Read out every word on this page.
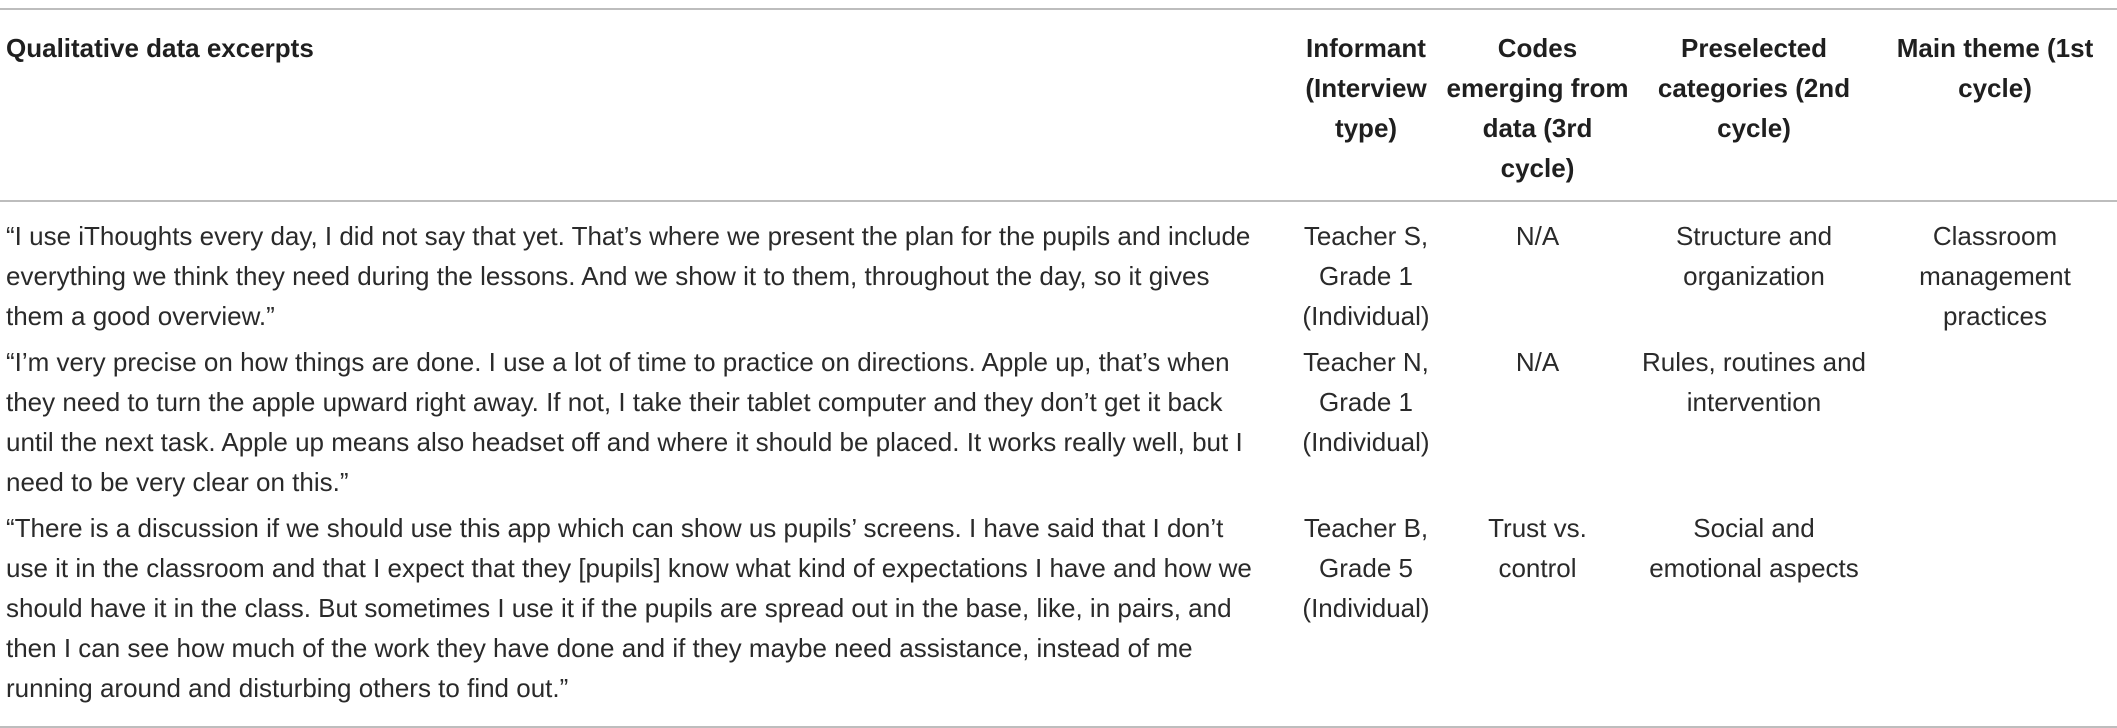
Qualitative data excerpts	Informant (Interview type)	Codes emerging from data (3rd cycle)	Preselected categories (2nd cycle)	Main theme (1st cycle)
“I use iThoughts every day, I did not say that yet. That’s where we present the plan for the pupils and include everything we think they need during the lessons. And we show it to them, throughout the day, so it gives them a good overview.”	Teacher S, Grade 1 (Individual)	N/A	Structure and organization	Classroom management practices
“I’m very precise on how things are done. I use a lot of time to practice on directions. Apple up, that’s when they need to turn the apple upward right away. If not, I take their tablet computer and they don’t get it back until the next task. Apple up means also headset off and where it should be placed. It works really well, but I need to be very clear on this.”	Teacher N, Grade 1 (Individual)	N/A	Rules, routines and intervention	
“There is a discussion if we should use this app which can show us pupils’ screens. I have said that I don’t use it in the classroom and that I expect that they [pupils] know what kind of expectations I have and how we should have it in the class. But sometimes I use it if the pupils are spread out in the base, like, in pairs, and then I can see how much of the work they have done and if they maybe need assistance, instead of me running around and disturbing others to find out.”	Teacher B, Grade 5 (Individual)	Trust vs. control	Social and emotional aspects	
